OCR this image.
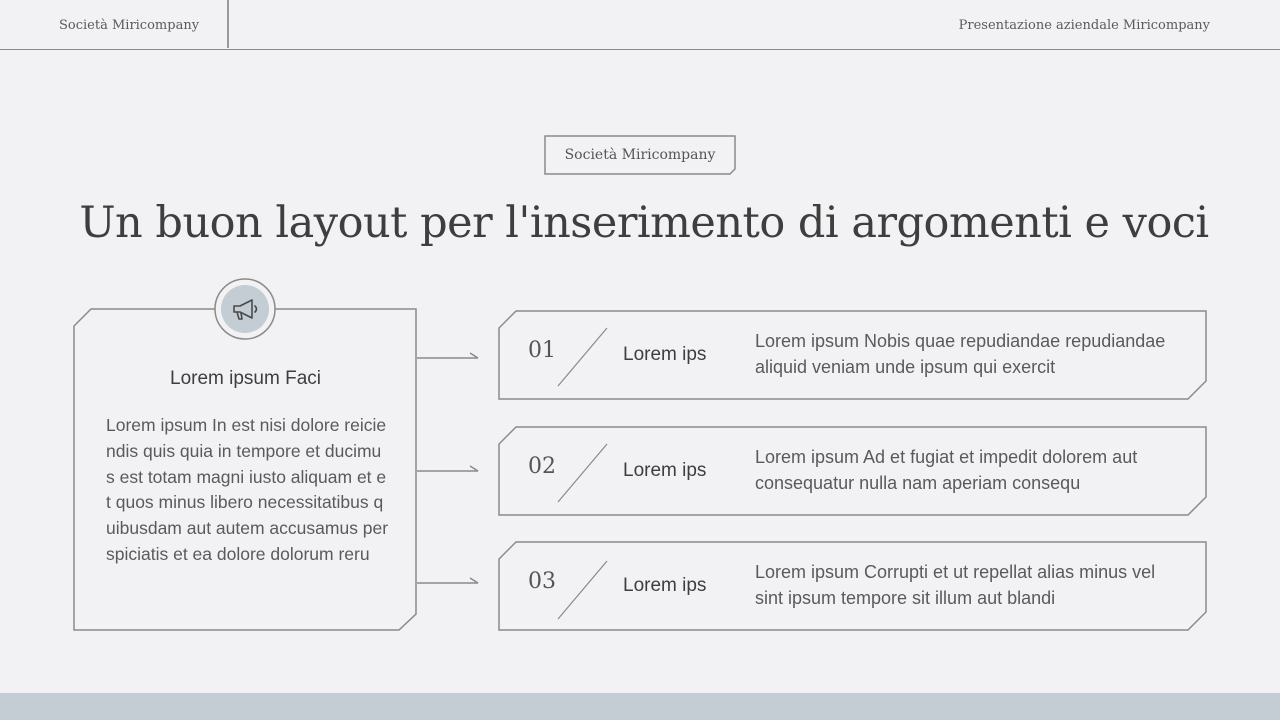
Società Miricompany	Presentazione aziendale Miricompany
Società Miricompany
Un buon layout per l'inserimento di argomenti e voci
Lorem ipsum Faci
Lorem ipsum In est nisi dolore reiciendis quis quia in tempore et ducimus est totam magni iusto aliquam et et quos minus libero necessitatibus quibusdam aut autem accusamus perspiciatis et ea dolore dolorum reru
01	Lorem ips
Lorem ipsum Nobis quae repudiandae repudiandae aliquid veniam unde ipsum qui exercit
02	Lorem ips
Lorem ipsum Ad et fugiat et impedit dolorem aut consequatur nulla nam aperiam consequ
03	Lorem ips
Lorem ipsum Corrupti et ut repellat alias minus vel sint ipsum tempore sit illum aut blandi
